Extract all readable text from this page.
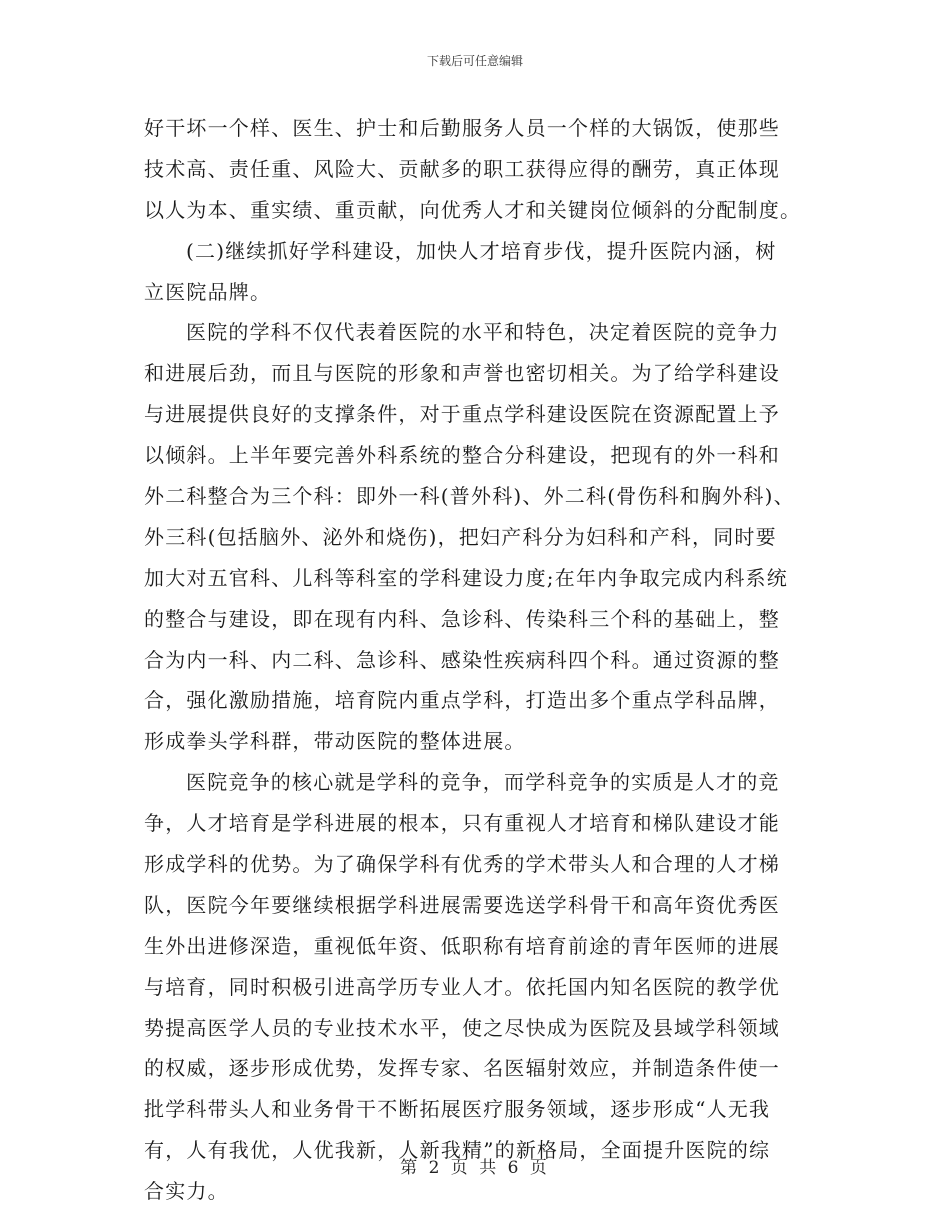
下载后可任意编辑
好干坏一个样、医生、护士和后勤服务人员一个样的大锅饭，使那些
技术高、责任重、风险大、贡献多的职工获得应得的酬劳，真正体现
以人为本、重实绩、重贡献，向优秀人才和关键岗位倾斜的分配制度。
(二)继续抓好学科建设，加快人才培育步伐，提升医院内涵，树
立医院品牌。
医院的学科不仅代表着医院的水平和特色，决定着医院的竞争力
和进展后劲，而且与医院的形象和声誉也密切相关。为了给学科建设
与进展提供良好的支撑条件，对于重点学科建设医院在资源配置上予
以倾斜。上半年要完善外科系统的整合分科建设，把现有的外一科和
外二科整合为三个科：即外一科(普外科)、外二科(骨伤科和胸外科)、
外三科(包括脑外、泌外和烧伤)，把妇产科分为妇科和产科，同时要
加大对五官科、儿科等科室的学科建设力度;在年内争取完成内科系统
的整合与建设，即在现有内科、急诊科、传染科三个科的基础上，整
合为内一科、内二科、急诊科、感染性疾病科四个科。通过资源的整
合，强化激励措施，培育院内重点学科，打造出多个重点学科品牌，
形成拳头学科群，带动医院的整体进展。
医院竞争的核心就是学科的竞争，而学科竞争的实质是人才的竞
争，人才培育是学科进展的根本，只有重视人才培育和梯队建设才能
形成学科的优势。为了确保学科有优秀的学术带头人和合理的人才梯
队，医院今年要继续根据学科进展需要选送学科骨干和高年资优秀医
生外出进修深造，重视低年资、低职称有培育前途的青年医师的进展
与培育，同时积极引进高学历专业人才。依托国内知名医院的教学优
势提高医学人员的专业技术水平，使之尽快成为医院及县域学科领域
的权威，逐步形成优势，发挥专家、名医辐射效应，并制造条件使一
批学科带头人和业务骨干不断拓展医疗服务领域，逐步形成“人无我
有，人有我优，人优我新，人新我精”的新格局，全面提升医院的综
合实力。
第 2 页 共 6 页
